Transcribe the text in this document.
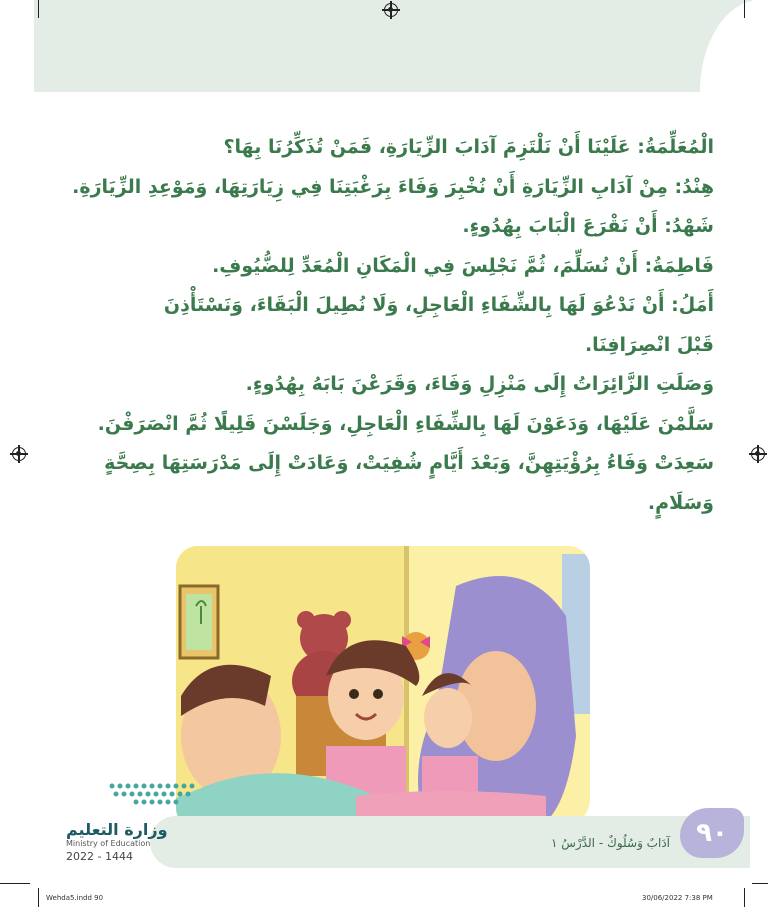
الْمُعَلِّمَةُ: عَلَيْنَا أَنْ نَلْتَزِمَ آدَابَ الزِّيَارَةِ، فَمَنْ تُذَكِّرُنَا بِهَا؟
هِنْدُ: مِنْ آدَابِ الزِّيَارَةِ أَنْ نُخْبِرَ وَفَاءَ بِرَغْبَتِنَا فِي زِيَارَتِهَا، وَمَوْعِدِ الزِّيَارَةِ.
شَهْدُ: أَنْ نَقْرَعَ الْبَابَ بِهُدُوءٍ.
فَاطِمَةُ: أَنْ نُسَلِّمَ، ثُمَّ نَجْلِسَ فِي الْمَكَانِ الْمُعَدِّ لِلضُّيُوفِ.
أَمَلُ: أَنْ نَدْعُوَ لَهَا بِالشِّفَاءِ الْعَاجِلِ، وَلَا نُطِيلَ الْبَقَاءَ، وَنَسْتَأْذِنَ
قَبْلَ انْصِرَافِنَا.
وَصَلَتِ الزَّائِرَاتُ إِلَى مَنْزِلِ وَفَاءَ، وَقَرَعْنَ بَابَهُ بِهُدُوءٍ.
سَلَّمْنَ عَلَيْهَا، وَدَعَوْنَ لَهَا بِالشِّفَاءِ الْعَاجِلِ، وَجَلَسْنَ قَلِيلًا ثُمَّ انْصَرَفْنَ.
سَعِدَتْ وَفَاءُ بِرُؤْيَتِهِنَّ، وَبَعْدَ أَيَّامٍ شُفِيَتْ، وَعَادَتْ إِلَى مَدْرَسَتِهَا بِصِحَّةٍ
وَسَلَامٍ.
٩٠
آدَابٌ وَسُلُوكٌ - الدَّرْسُ ١
وزارة التعليم
Ministry of Education
2022 - 1444
Wehda5.indd 90	30/06/2022 7:38 PM
